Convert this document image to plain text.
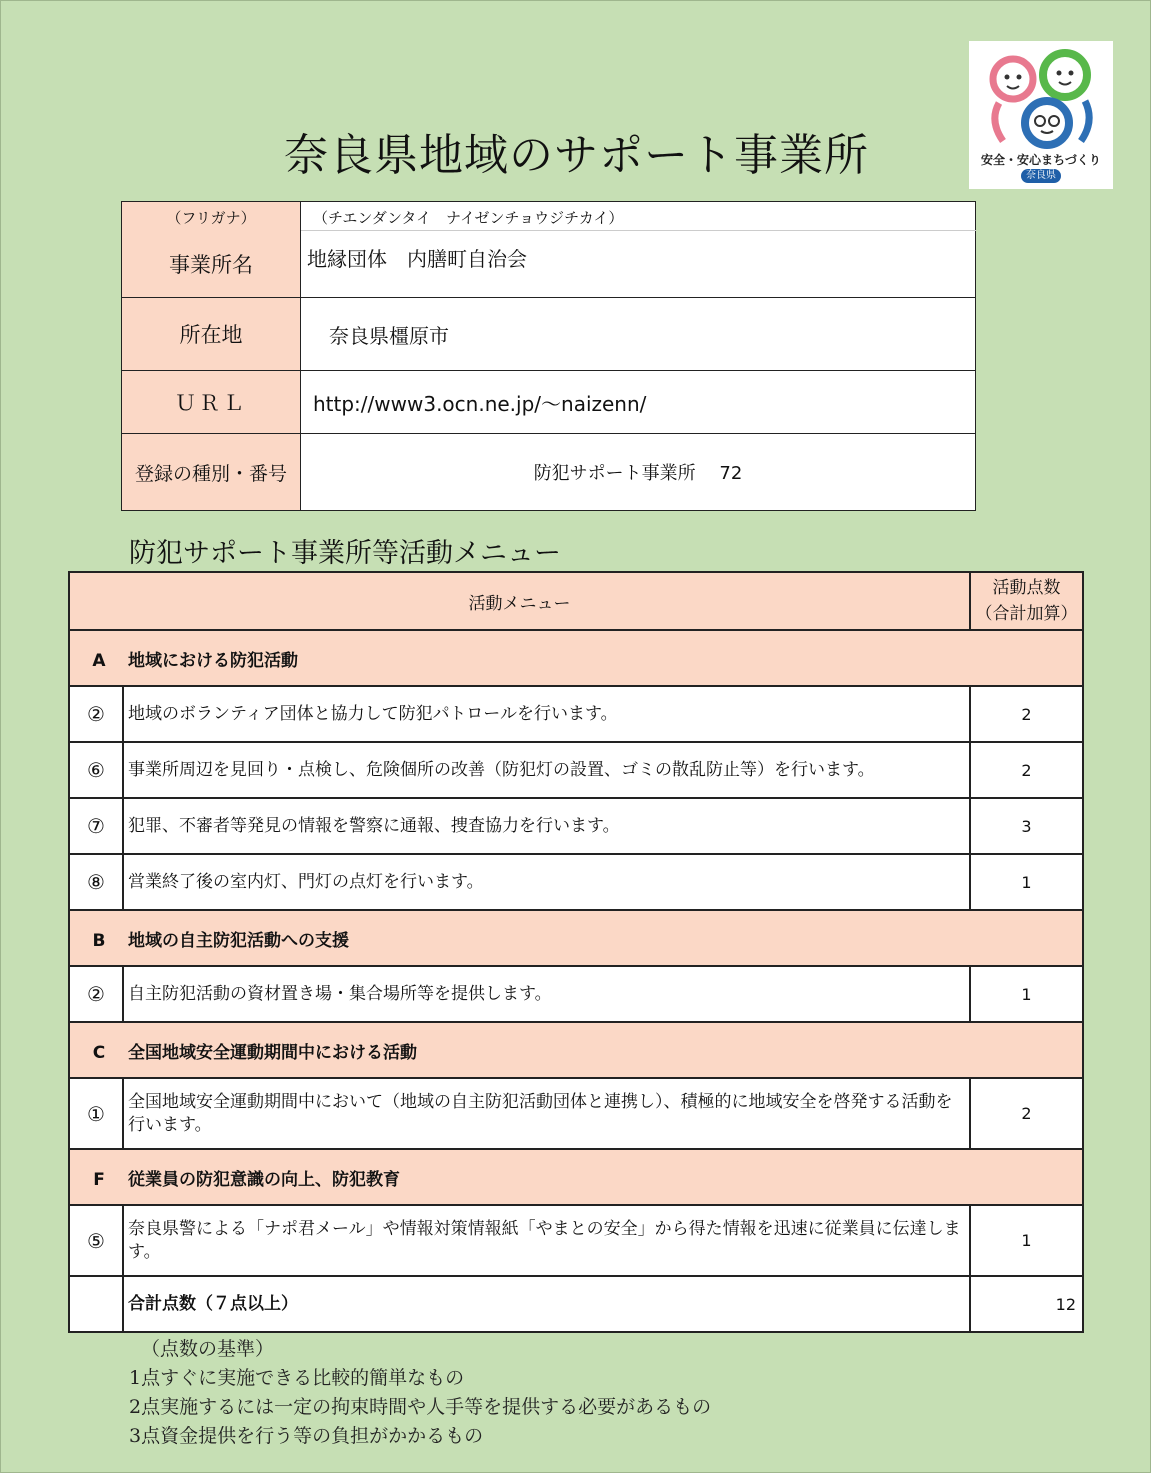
奈良県地域のサポート事業所	安全・安心まちづくり
奈良県
（フリガナ）	（チエンダンタイ　ナイゼンチョウジチカイ）
事業所名	地縁団体　内膳町自治会
所在地	奈良県橿原市
ＵＲＬ	http://www3.ocn.ne.jp/～naizenn/
登録の種別・番号	防犯サポート事業所　 72
防犯サポート事業所等活動メニュー
活動メニュー		活動点数
（合計加算）

A 地域における防犯活動		
②	地域のボランティア団体と協力して防犯パトロールを行います。	2
⑥	事業所周辺を見回り・点検し、危険個所の改善（防犯灯の設置、ゴミの散乱防止等）を行います。	2
⑦	犯罪、不審者等発見の情報を警察に通報、捜査協力を行います。	3
⑧	営業終了後の室内灯、門灯の点灯を行います。	1
B 地域の自主防犯活動への支援		
②	自主防犯活動の資材置き場・集合場所等を提供します。	1
C 全国地域安全運動期間中における活動		
①	全国地域安全運動期間中において（地域の自主防犯活動団体と連携し）、積極的に地域安全を啓発する活動を行います。	2
F 従業員の防犯意識の向上、防犯教育		
⑤	奈良県警による「ナポ君メール」や情報対策情報紙「やまとの安全」から得た情報を迅速に従業員に伝達します。	1
	合計点数（７点以上）	12
（点数の基準）
1点すぐに実施できる比較的簡単なもの
2点実施するには一定の拘束時間や人手等を提供する必要があるもの
3点資金提供を行う等の負担がかかるもの
